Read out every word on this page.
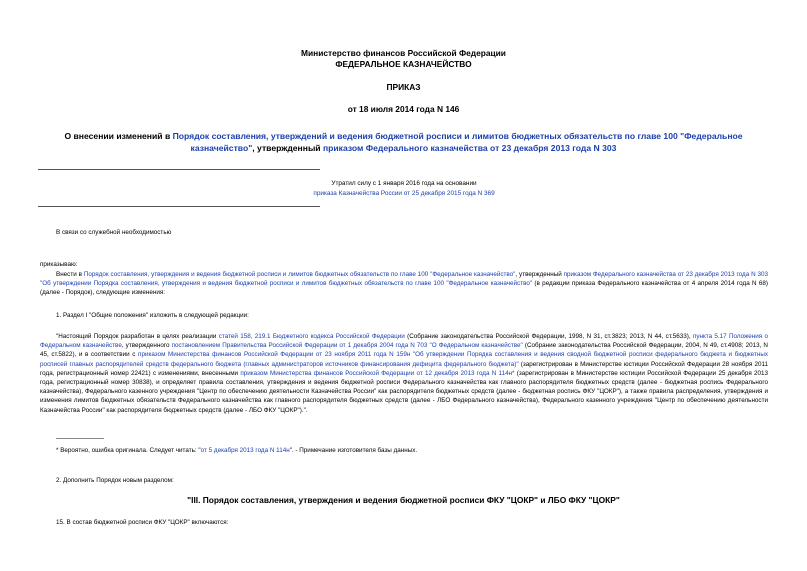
Министерство финансов Российской Федерации
ФЕДЕРАЛЬНОЕ КАЗНАЧЕЙСТВО
ПРИКАЗ
от 18 июля 2014 года N 146
О внесении изменений в Порядок составления, утверждений и ведения бюджетной росписи и лимитов бюджетных обязательств по главе 100 "Федеральное казначейство", утвержденный приказом Федерального казначейства от 23 декабря 2013 года N 303
Утратил силу с 1 января 2016 года на основании
приказа Казначейства России от 25 декабря 2015 года N 369
В связи со служебной необходимостью
приказываю:
Внести в Порядок составления, утверждения и ведения бюджетной росписи и лимитов бюджетных обязательств по главе 100 "Федеральное казначейство", утвержденный приказом Федерального казначейства от 23 декабря 2013 года N 303 "Об утверждении Порядка составления, утверждения и ведения бюджетной росписи и лимитов бюджетных обязательств по главе 100 "Федеральное казначейство" (в редакции приказа Федерального казначейства от 4 апреля 2014 года N 68) (далее - Порядок), следующие изменения:
1. Раздел I "Общие положения" изложить в следующей редакции:
"Настоящий Порядок разработан в целях реализации статей 158, 219.1 Бюджетного кодекса Российской Федерации (Собрание законодательства Российской Федерации, 1998, N 31, ст.3823; 2013, N 44, ст.5633), пункта 5.17 Положения о Федеральном казначействе, утвержденного постановлением Правительства Российской Федерации от 1 декабря 2004 года N 703 "О Федеральном казначействе" (Собрание законодательства Российской Федерации, 2004, N 49, ст.4908; 2013, N 45, ст.5822), и в соответствии с приказом Министерства финансов Российской Федерации от 23 ноября 2011 года N 159н "Об утверждении Порядка составления и ведения сводной бюджетной росписи федерального бюджета и бюджетных росписей главных распорядителей средств федерального бюджета (главных администраторов источников финансирования дефицита федерального бюджета)" (зарегистрирован в Министерстве юстиции Российской Федерации 28 ноября 2011 года, регистрационный номер 22421) с изменениями, внесенными приказом Министерства финансов Российской Федерации от 12 декабря 2013 года N 114н* (зарегистрирован в Министерстве юстиции Российской Федерации 25 декабря 2013 года, регистрационный номер 30838), и определяет правила составления, утверждения и ведения бюджетной росписи Федерального казначейства как главного распорядителя бюджетных средств (далее - бюджетная роспись Федерального казначейства), Федерального казенного учреждения "Центр по обеспечению деятельности Казначейства России" как распорядителя бюджетных средств (далее - бюджетная роспись ФКУ "ЦОКР"), а также правила распределения, утверждения и изменения лимитов бюджетных обязательств Федерального казначейства как главного распорядителя бюджетных средств (далее - ЛБО Федерального казначейства), Федерального казенного учреждения "Центр по обеспечению деятельности Казначейства России" как распорядителя бюджетных средств (далее - ЛБО ФКУ "ЦОКР").".
* Вероятно, ошибка оригинала. Следует читать: "от 5 декабря 2013 года N 114н". - Примечание изготовителя базы данных.
2. Дополнить Порядок новым разделом:
"III. Порядок составления, утверждения и ведения бюджетной росписи ФКУ "ЦОКР" и ЛБО ФКУ "ЦОКР"
15. В состав бюджетной росписи ФКУ "ЦОКР" включаются:
